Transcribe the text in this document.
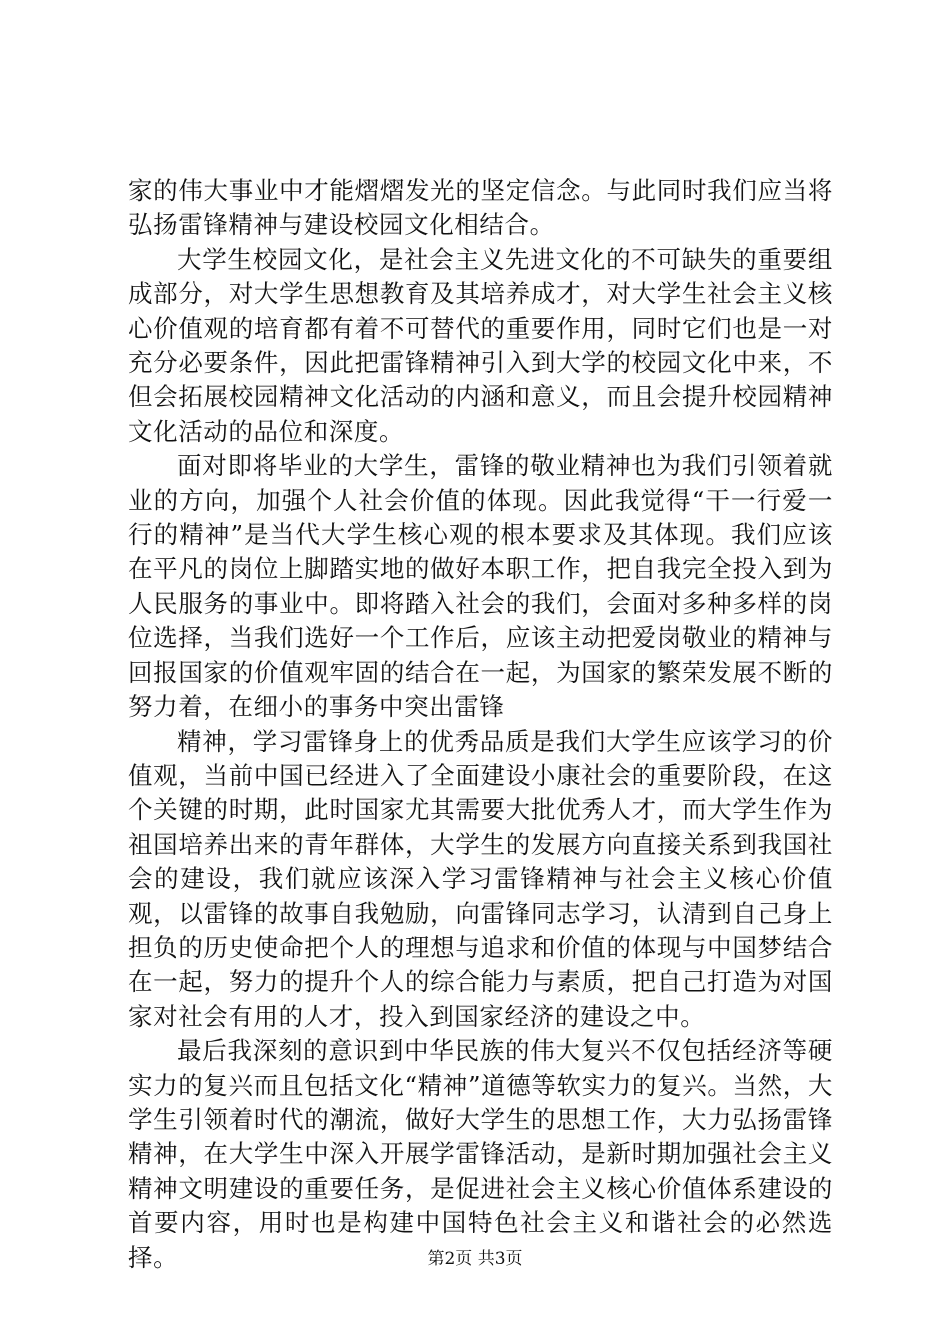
家的伟大事业中才能熠熠发光的坚定信念。与此同时我们应当将弘扬雷锋精神与建设校园文化相结合。

大学生校园文化，是社会主义先进文化的不可缺失的重要组成部分，对大学生思想教育及其培养成才，对大学生社会主义核心价值观的培育都有着不可替代的重要作用，同时它们也是一对充分必要条件，因此把雷锋精神引入到大学的校园文化中来，不但会拓展校园精神文化活动的内涵和意义，而且会提升校园精神文化活动的品位和深度。

面对即将毕业的大学生，雷锋的敬业精神也为我们引领着就业的方向，加强个人社会价值的体现。因此我觉得“干一行爱一行的精神”是当代大学生核心观的根本要求及其体现。我们应该在平凡的岗位上脚踏实地的做好本职工作，把自我完全投入到为人民服务的事业中。即将踏入社会的我们，会面对多种多样的岗位选择，当我们选好一个工作后，应该主动把爱岗敬业的精神与回报国家的价值观牢固的结合在一起，为国家的繁荣发展不断的努力着，在细小的事务中突出雷锋

精神，学习雷锋身上的优秀品质是我们大学生应该学习的价值观，当前中国已经进入了全面建设小康社会的重要阶段，在这个关键的时期，此时国家尤其需要大批优秀人才，而大学生作为祖国培养出来的青年群体，大学生的发展方向直接关系到我国社会的建设，我们就应该深入学习雷锋精神与社会主义核心价值观，以雷锋的故事自我勉励，向雷锋同志学习，认清到自己身上担负的历史使命把个人的理想与追求和价值的体现与中国梦结合在一起，努力的提升个人的综合能力与素质，把自己打造为对国家对社会有用的人才，投入到国家经济的建设之中。

最后我深刻的意识到中华民族的伟大复兴不仅包括经济等硬实力的复兴而且包括文化“精神”道德等软实力的复兴。当然，大学生引领着时代的潮流，做好大学生的思想工作，大力弘扬雷锋精神，在大学生中深入开展学雷锋活动，是新时期加强社会主义精神文明建设的重要任务，是促进社会主义核心价值体系建设的首要内容，用时也是构建中国特色社会主义和谐社会的必然选择。	第2页 共3页
